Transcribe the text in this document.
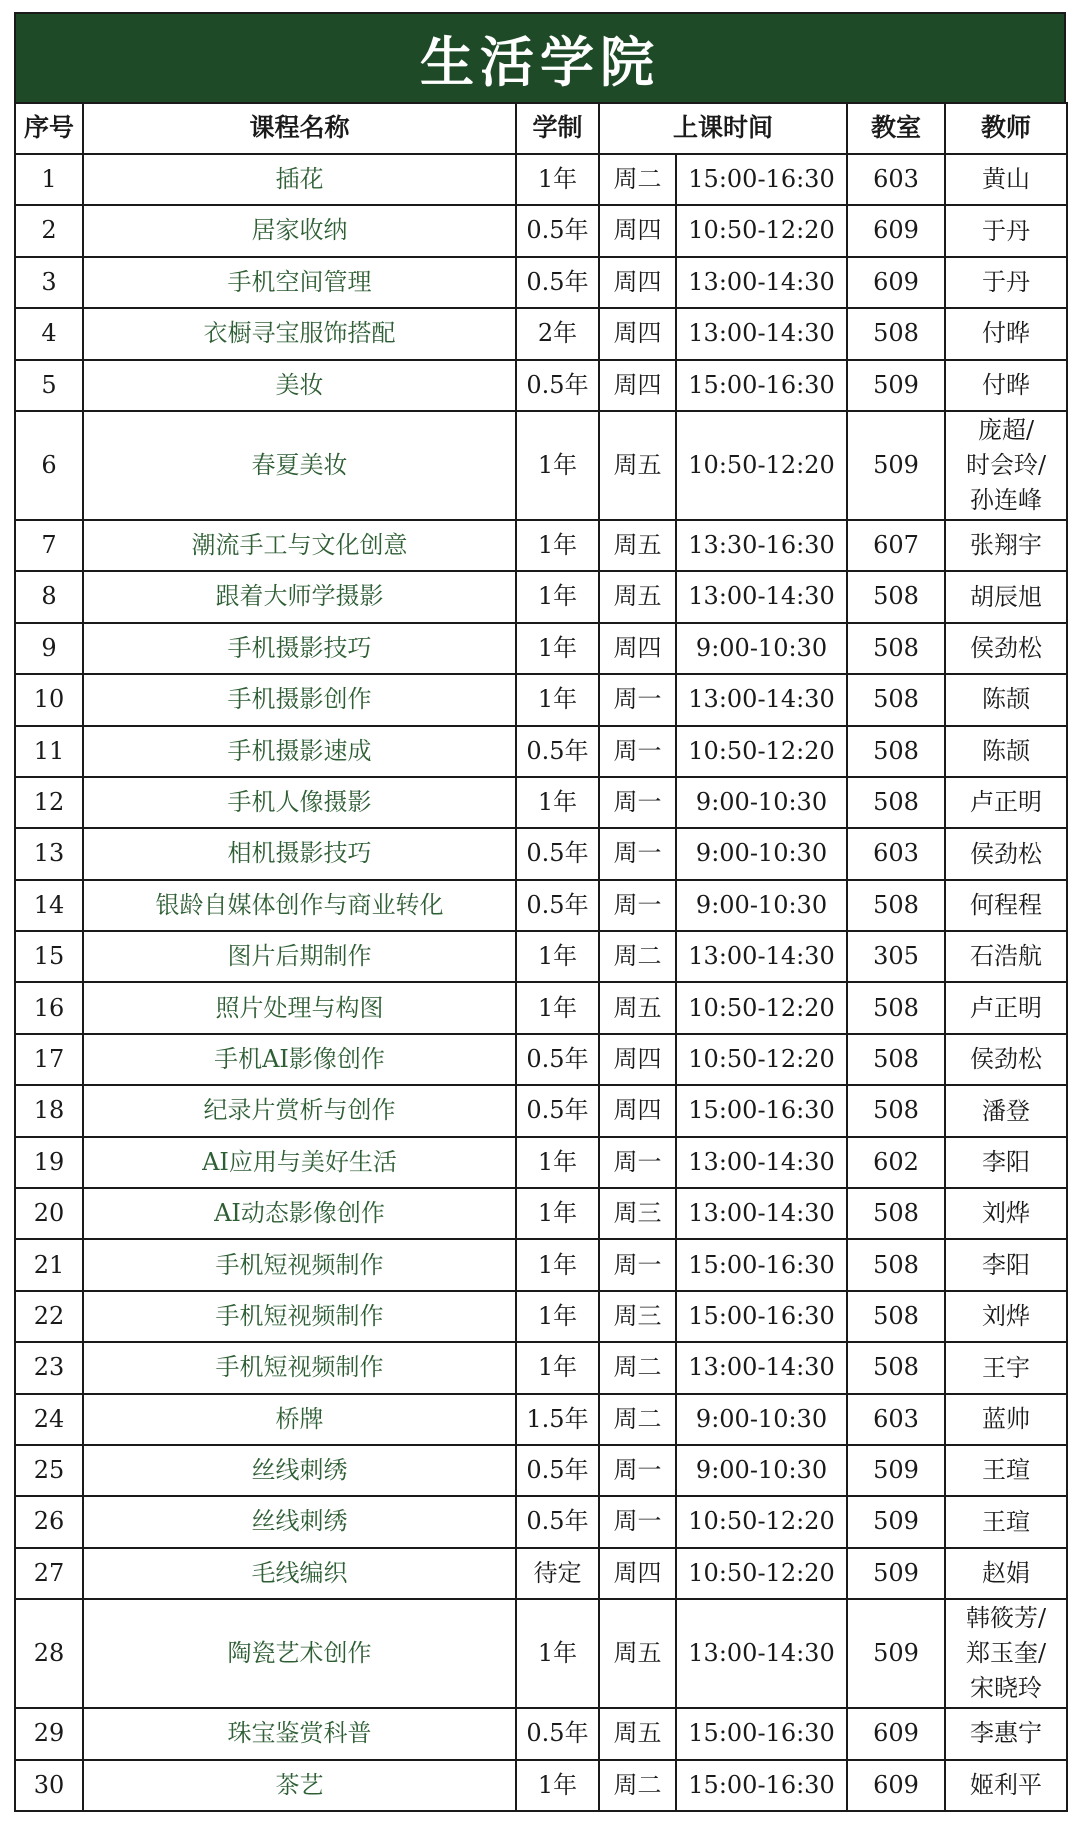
生活学院
序号	课程名称	学制	上课时间		教室	教师
1	插花	1年	周二	15:00-16:30	603	黄山

2	居家收纳	0.5年	周四	10:50-12:20	609	于丹

3	手机空间管理	0.5年	周四	13:00-14:30	609	于丹

4	衣橱寻宝服饰搭配	2年	周四	13:00-14:30	508	付晔

5	美妆	0.5年	周四	15:00-16:30	509	付晔

6	春夏美妆	1年	周五	10:50-12:20	509	庞超/
时会玲/
孙连峰

7	潮流手工与文化创意	1年	周五	13:30-16:30	607	张翔宇

8	跟着大师学摄影	1年	周五	13:00-14:30	508	胡辰旭

9	手机摄影技巧	1年	周四	9:00-10:30	508	侯劲松

10	手机摄影创作	1年	周一	13:00-14:30	508	陈颉

11	手机摄影速成	0.5年	周一	10:50-12:20	508	陈颉

12	手机人像摄影	1年	周一	9:00-10:30	508	卢正明

13	相机摄影技巧	0.5年	周一	9:00-10:30	603	侯劲松

14	银龄自媒体创作与商业转化	0.5年	周一	9:00-10:30	508	何程程

15	图片后期制作	1年	周二	13:00-14:30	305	石浩航

16	照片处理与构图	1年	周五	10:50-12:20	508	卢正明

17	手机AI影像创作	0.5年	周四	10:50-12:20	508	侯劲松

18	纪录片赏析与创作	0.5年	周四	15:00-16:30	508	潘登

19	AI应用与美好生活	1年	周一	13:00-14:30	602	李阳

20	AI动态影像创作	1年	周三	13:00-14:30	508	刘烨

21	手机短视频制作	1年	周一	15:00-16:30	508	李阳

22	手机短视频制作	1年	周三	15:00-16:30	508	刘烨

23	手机短视频制作	1年	周二	13:00-14:30	508	王宇

24	桥牌	1.5年	周二	9:00-10:30	603	蓝帅

25	丝线刺绣	0.5年	周一	9:00-10:30	509	王瑄

26	丝线刺绣	0.5年	周一	10:50-12:20	509	王瑄

27	毛线编织	待定	周四	10:50-12:20	509	赵娟

28	陶瓷艺术创作	1年	周五	13:00-14:30	509	韩筱芳/
郑玉奎/
宋晓玲

29	珠宝鉴赏科普	0.5年	周五	15:00-16:30	609	李惠宁

30	茶艺	1年	周二	15:00-16:30	609	姬利平
